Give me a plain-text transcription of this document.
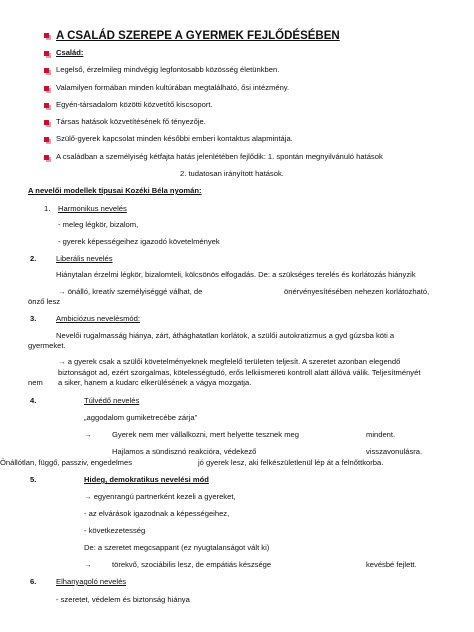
A CSALÁD SZEREPE A GYERMEK FEJLŐDÉSÉBEN
Család:
Legelső, érzelmileg mindvégig legfontosabb közösség életünkben.
Valamilyen formában minden kultúrában megtalálható, ősi intézmény.
Egyén-társadalom közötti közvetítő kiscsoport.
Társas hatások közvetítésének fő tényezője.
Szülő-gyerek kapcsolat minden későbbi emberi kontaktus alapmintája.
A családban a személyiség kétfajta hatás jelenlétében fejlődik: 1. spontán megnyilvánuló hatások
2. tudatosan irányított hatások.
A nevelői modellek típusai Kozéki Béla nyomán:
1. Harmonikus nevelés
- meleg légkör, bizalom,
- gyerek képességeihez igazodó követelmények
2.	Liberális nevelés
Hiánytalan érzelmi légkör, bizalomteli, kölcsönös elfogadás. De: a szükséges terelés és korlátozás hiányzik
→ önálló, kreatív személyiséggé válhat, de	önérvényesítésében nehezen korlátozható,
önző lesz
3.	Ambiciózus nevelésmód:
Nevelői rugalmasság hiánya, zárt, áthághatatlan korlátok, a szülői autokratizmus a gyd gúzsba köti a
gyermeket.
→ a gyerek csak a szülői követelményeknek megfelelő területen teljesít. A szeretet azonban elegendő
biztonságot ad, ezért szorgalmas, kötelességtudó, erős lelkiismereti kontroll alatt állóvá válik. Teljesítményét
nem a siker, hanem a kudarc elkerülésének a vágya mozgatja.
4.	Túlvédő nevelés
„aggodalom gumiketrecébe zárja”
→	Gyerek nem mer vállalkozni, mert helyette tesznek meg	mindent.
Hajlamos a sündisznó reakcióra, védekező	visszavonulásra.
Önállótlan, függő, passziv, engedelmes	jó gyerek lesz, aki felkészületlenül lép át a felnőttkorba.
5.	Hideg, demokratikus nevelési mód
→ egyenrangú partnerként kezeli a gyereket,
- az elvárások igazodnak a képességeihez,
- következetesség
De: a szeretet megcsappant (ez nyugtalanságot vált ki)
→	törekvő, szociábilis lesz, de empátiás készsége	kevésbé fejlett.
6.	Elhanyagoló nevelés
- szeretet, védelem és biztonság hiánya
